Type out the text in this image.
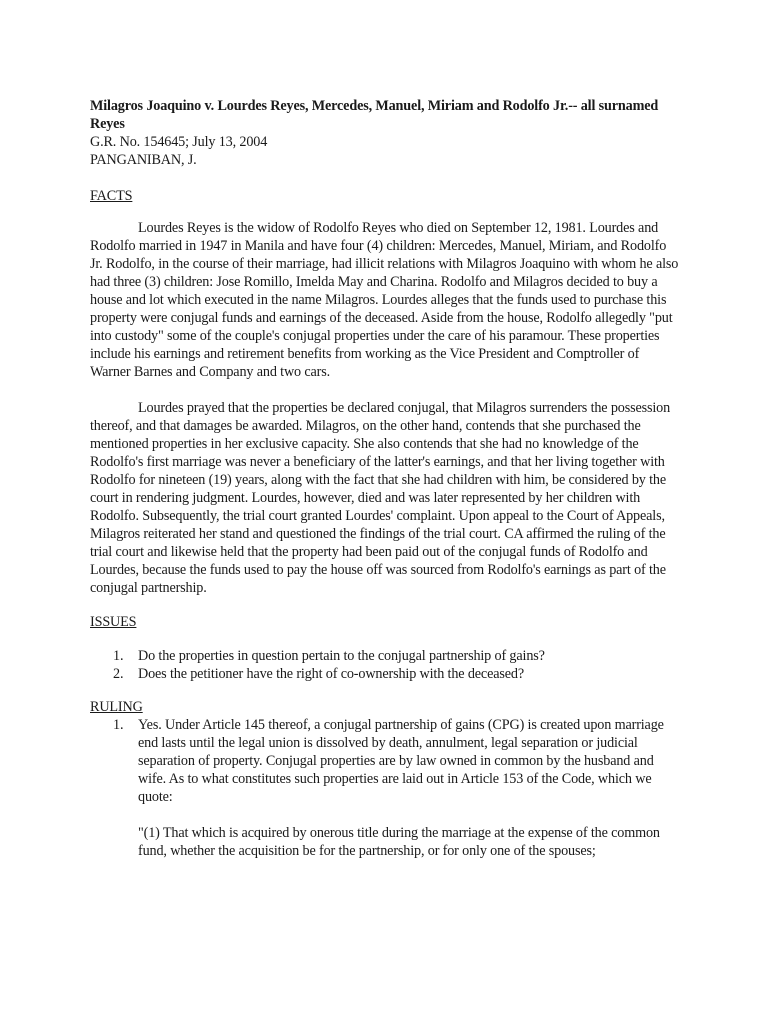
Milagros Joaquino v. Lourdes Reyes, Mercedes, Manuel, Miriam and Rodolfo Jr.-- all surnamed Reyes

G.R. No. 154645; July 13, 2004

PANGANIBAN, J.

FACTS

Lourdes Reyes is the widow of Rodolfo Reyes who died on September 12, 1981. Lourdes and Rodolfo married in 1947 in Manila and have four (4) children: Mercedes, Manuel, Miriam, and Rodolfo Jr. Rodolfo, in the course of their marriage, had illicit relations with Milagros Joaquino with whom he also had three (3) children: Jose Romillo, Imelda May and Charina. Rodolfo and Milagros decided to buy a house and lot which executed in the name Milagros. Lourdes alleges that the funds used to purchase this property were conjugal funds and earnings of the deceased. Aside from the house, Rodolfo allegedly "put into custody" some of the couple's conjugal properties under the care of his paramour. These properties include his earnings and retirement benefits from working as the Vice President and Comptroller of Warner Barnes and Company and two cars.

Lourdes prayed that the properties be declared conjugal, that Milagros surrenders the possession thereof, and that damages be awarded. Milagros, on the other hand, contends that she purchased the mentioned properties in her exclusive capacity. She also contends that she had no knowledge of the Rodolfo's first marriage was never a beneficiary of the latter's earnings, and that her living together with Rodolfo for nineteen (19) years, along with the fact that she had children with him, be considered by the court in rendering judgment. Lourdes, however, died and was later represented by her children with Rodolfo. Subsequently, the trial court granted Lourdes' complaint. Upon appeal to the Court of Appeals, Milagros reiterated her stand and questioned the findings of the trial court. CA affirmed the ruling of the trial court and likewise held that the property had been paid out of the conjugal funds of Rodolfo and Lourdes, because the funds used to pay the house off was sourced from Rodolfo's earnings as part of the conjugal partnership.

ISSUES

1. Do the properties in question pertain to the conjugal partnership of gains?
2. Does the petitioner have the right of co-ownership with the deceased?

RULING

1. Yes. Under Article 145 thereof, a conjugal partnership of gains (CPG) is created upon marriage end lasts until the legal union is dissolved by death, annulment, legal separation or judicial separation of property. Conjugal properties are by law owned in common by the husband and wife. As to what constitutes such properties are laid out in Article 153 of the Code, which we quote:

"(1) That which is acquired by onerous title during the marriage at the expense of the common fund, whether the acquisition be for the partnership, or for only one of the spouses;
